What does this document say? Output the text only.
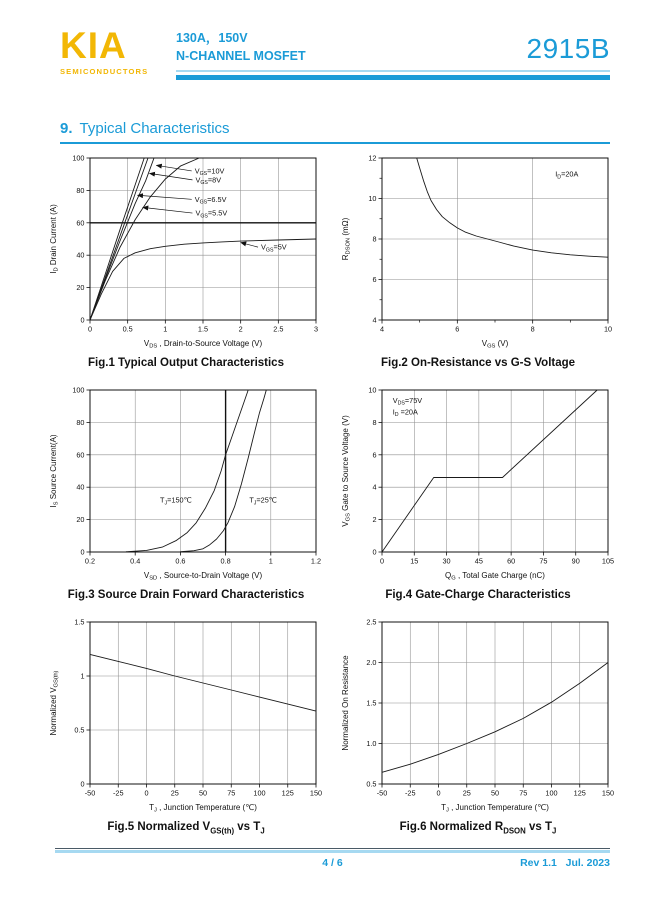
KIA
SEMICONDUCTORS
130A，150V
N-CHANNEL MOSFET	2915B
9. Typical Characteristics
0	0.5	1	1.5	2	2.5	3
0
20
40
60
80
100
$V_{DS}$ , Drain-to-Source Voltage (V)
$I_D$ Drain Current (A)
$V_{GS}=10V$
$V_{GS}=8V$
$V_{GS}=6.5V$
$V_{GS}=5.5V$
$V_{GS}=5V$
Fig.1 Typical Output Characteristics
4	6	8	10
4
6
8
10
12
$V_{GS}$ (V)
$R_{DSON}$ (mΩ)
$I_D=20A$
Fig.2 On-Resistance vs G-S Voltage
0.2	0.4	0.6	0.8	1	1.2
0
20
40
60
80
100
$V_{SD}$ , Source-to-Drain Voltage (V)
$I_S$ Source Current(A)	$T_J=150℃$	$T_J=25℃$
Fig.3 Source Drain Forward Characteristics
0	15	30	45	60	75	90	105
0
2
4
6
8
10
$Q_G$ , Total Gate Charge (nC)
$V_{GS}$ Gate to Source Voltage (V)
$V_{DS}=75V$
$I_D =20A$
Fig.4 Gate-Charge Characteristics
-50 -25	0	25	50	75 100 125 150
0
0.5
1
1.5
$T_J$ , Junction Temperature (℃)
Normalized $V_{GS(th)}$
Fig.5 Normalized $V_{GS(th)}$ vs $T_J$
-50 -25	0	25	50	75 100 125 150
0.5
1.0
1.5
2.0
2.5
$T_J$ , Junction Temperature (℃)
Normalized On Resistance
Fig.6 Normalized $R_{DSON}$ vs $T_J$
4 / 6	Rev 1.1   Jul. 2023
